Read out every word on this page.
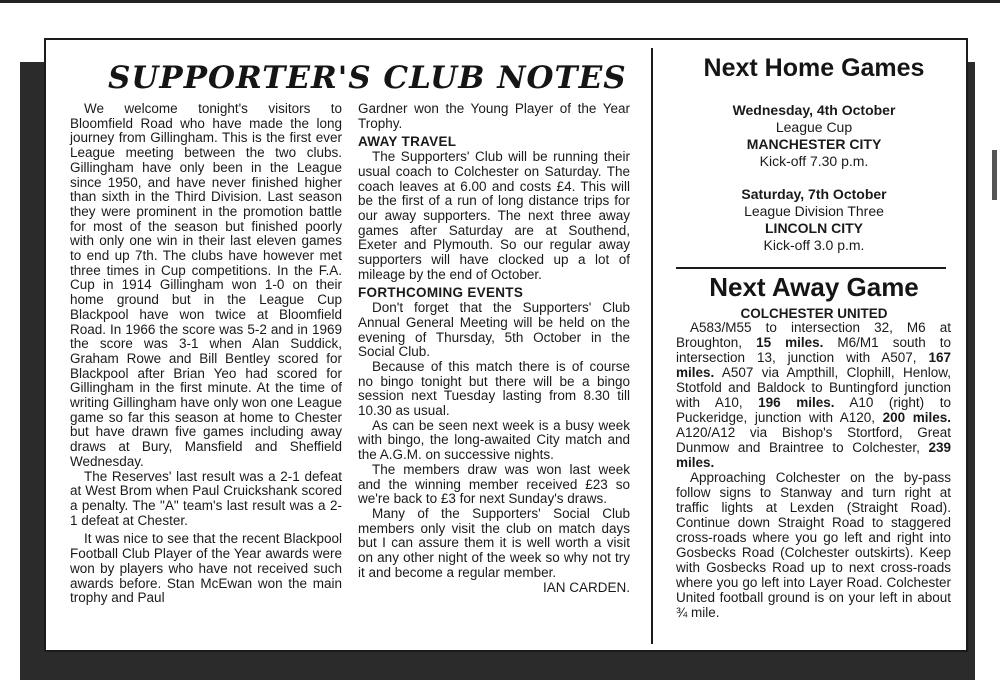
SUPPORTER'S CLUB NOTES

We welcome tonight's visitors to Bloomfield Road who have made the long journey from Gillingham. This is the first ever League meeting between the two clubs. Gillingham have only been in the League since 1950, and have never finished higher than sixth in the Third Division. Last season they were prominent in the promotion battle for most of the season but finished poorly with only one win in their last eleven games to end up 7th. The clubs have however met three times in Cup competitions. In the F.A. Cup in 1914 Gillingham won 1-0 on their home ground but in the League Cup Blackpool have won twice at Bloomfield Road. In 1966 the score was 5-2 and in 1969 the score was 3-1 when Alan Suddick, Graham Rowe and Bill Bentley scored for Blackpool after Brian Yeo had scored for Gillingham in the first minute. At the time of writing Gillingham have only won one League game so far this season at home to Chester but have drawn five games including away draws at Bury, Mansfield and Sheffield Wednesday.

The Reserves' last result was a 2-1 defeat at West Brom when Paul Cruickshank scored a penalty. The "A" team's last result was a 2-1 defeat at Chester.

It was nice to see that the recent Blackpool Football Club Player of the Year awards were won by players who have not received such awards before. Stan McEwan won the main trophy and Paul

Gardner won the Young Player of the Year Trophy.

AWAY TRAVEL

The Supporters' Club will be running their usual coach to Colchester on Saturday. The coach leaves at 6.00 and costs £4. This will be the first of a run of long distance trips for our away supporters. The next three away games after Saturday are at Southend, Exeter and Plymouth. So our regular away supporters will have clocked up a lot of mileage by the end of October.

FORTHCOMING EVENTS

Don't forget that the Supporters' Club Annual General Meeting will be held on the evening of Thursday, 5th October in the Social Club.

Because of this match there is of course no bingo tonight but there will be a bingo session next Tuesday lasting from 8.30 till 10.30 as usual.

As can be seen next week is a busy week with bingo, the long-awaited City match and the A.G.M. on successive nights.

The members draw was won last week and the winning member received £23 so we're back to £3 for next Sunday's draws.

Many of the Supporters' Social Club members only visit the club on match days but I can assure them it is well worth a visit on any other night of the week so why not try it and become a regular member.
IAN CARDEN.

Next Home Games
Wednesday, 4th October
League Cup
MANCHESTER CITY
Kick-off 7.30 p.m.
Saturday, 7th October
League Division Three
LINCOLN CITY
Kick-off 3.0 p.m.
Next Away Game
COLCHESTER UNITED

A583/M55 to intersection 32, M6 at Broughton, 15 miles. M6/M1 south to intersection 13, junction with A507, 167 miles. A507 via Ampthill, Clophill, Henlow, Stotfold and Baldock to Buntingford junction with A10, 196 miles. A10 (right) to Puckeridge, junction with A120, 200 miles. A120/A12 via Bishop's Stortford, Great Dunmow and Braintree to Colchester, 239 miles.

Approaching Colchester on the by-pass follow signs to Stanway and turn right at traffic lights at Lexden (Straight Road). Continue down Straight Road to staggered cross-roads where you go left and right into Gosbecks Road (Colchester outskirts). Keep with Gosbecks Road up to next cross-roads where you go left into Layer Road. Colchester United football ground is on your left in about ¾ mile.
